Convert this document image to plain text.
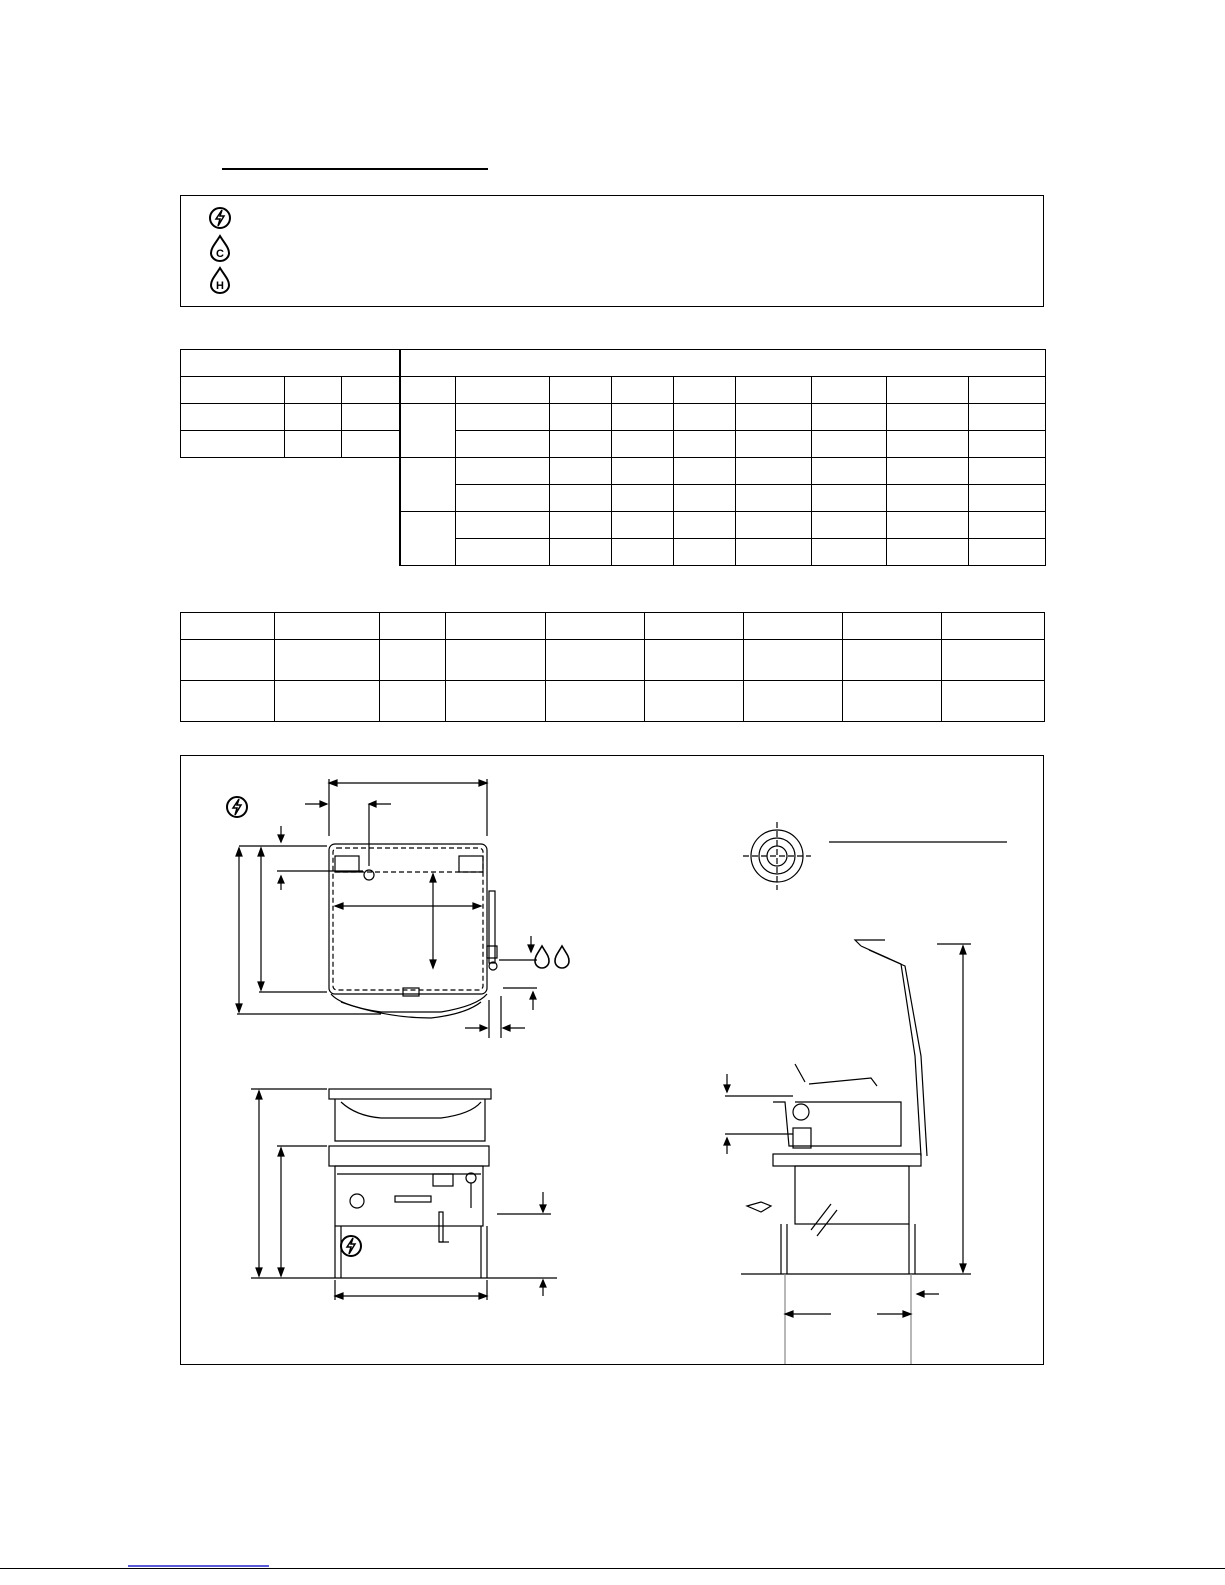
C
H
